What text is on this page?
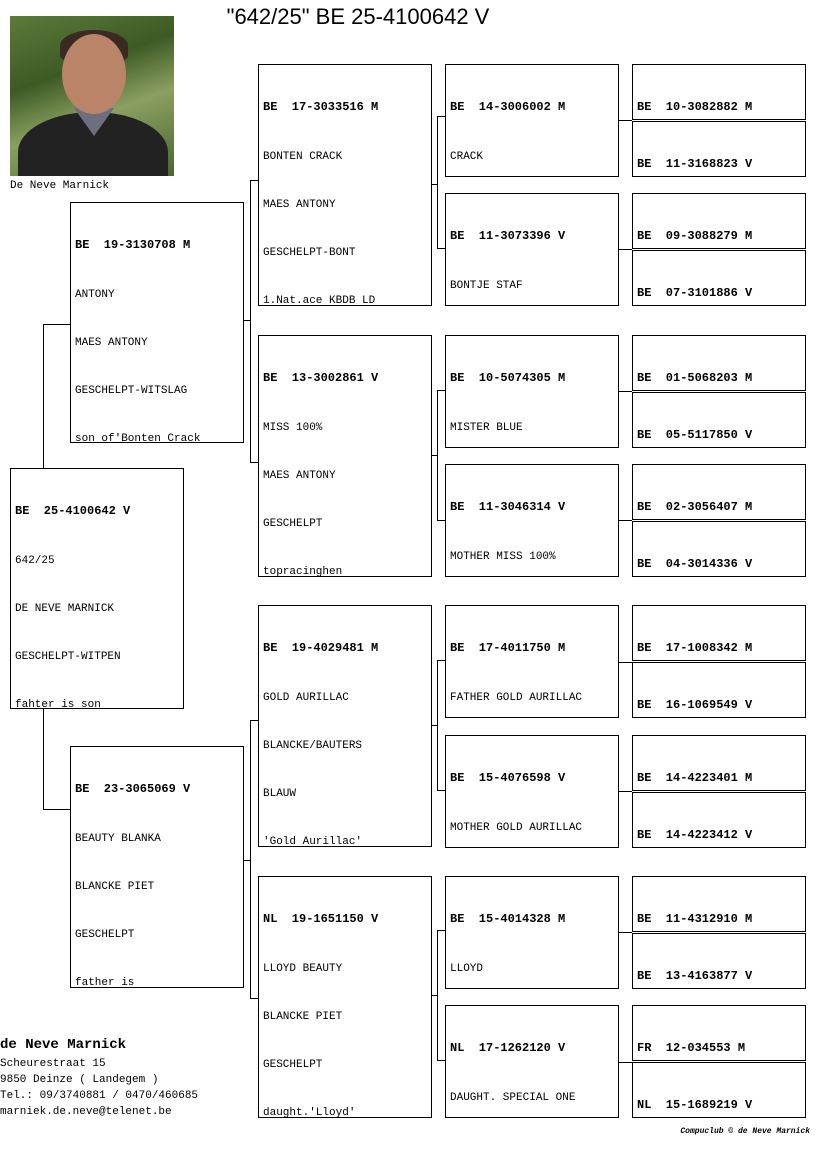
"642/25" BE 25-4100642 V
De Neve Marnick

BE  25-4100642 V

642/25

DE NEVE MARNICK

GESCHELPT-WITPEN

fahter is son

BE  19-3130708 M

ANTONY

MAES ANTONY

GESCHELPT-WITSLAG

son of'Bonten Crack

BE  23-3065069 V

BEAUTY BLANKA

BLANCKE PIET

GESCHELPT

father is

BE  17-3033516 M

BONTEN CRACK

MAES ANTONY

GESCHELPT-BONT

1.Nat.ace KBDB LD

BE  13-3002861 V

MISS 100%

MAES ANTONY

GESCHELPT

topracinghen

BE  19-4029481 M

GOLD AURILLAC

BLANCKE/BAUTERS

BLAUW

'Gold Aurillac'

NL  19-1651150 V

LLOYD BEAUTY

BLANCKE PIET

GESCHELPT

daught.'Lloyd'

BE  14-3006002 M

CRACK

BE  11-3073396 V

BONTJE STAF

BE  10-5074305 M

MISTER BLUE

BE  11-3046314 V

MOTHER MISS 100%

BE  17-4011750 M

FATHER GOLD AURILLAC

BE  15-4076598 V

MOTHER GOLD AURILLAC

BE  15-4014328 M

LLOYD

NL  17-1262120 V

DAUGHT. SPECIAL ONE

BE  10-3082882 M

BE  11-3168823 V

BE  09-3088279 M

BE  07-3101886 V

BE  01-5068203 M

BE  05-5117850 V

BE  02-3056407 M

BE  04-3014336 V

BE  17-1008342 M

BE  16-1069549 V

BE  14-4223401 M

BE  14-4223412 V

BE  11-4312910 M

BE  13-4163877 V

FR  12-034553 M

NL  15-1689219 V

de Neve Marnick
Scheurestraat 15
9850 Deinze ( Landegem )
Tel.: 09/3740881 / 0470/460685
marniek.de.neve@telenet.be
Compuclub © de Neve Marnick
